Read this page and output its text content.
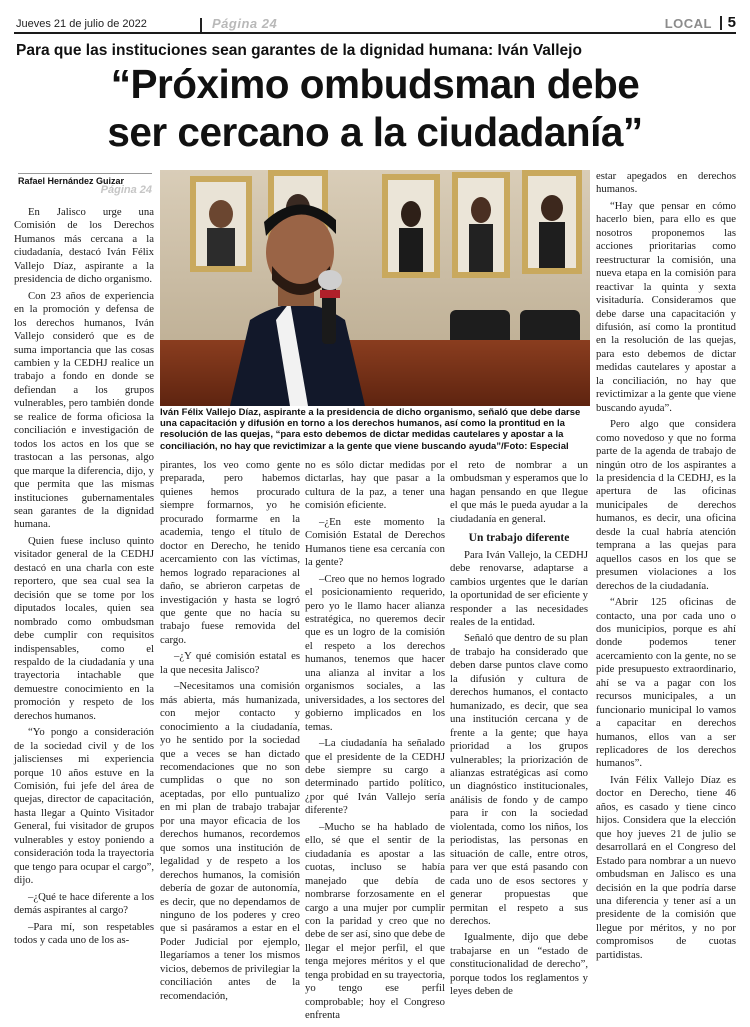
Jueves 21 de julio de 2022	Página 24	LOCAL 5
Para que las instituciones sean garantes de la dignidad humana: Iván Vallejo
“Próximo ombudsman debe
ser cercano a la ciudadanía”
Rafael Hernández Guizar
Página 24

En Jalisco urge una Comisión de los Derechos Humanos más cercana a la ciudadanía, destacó Iván Félix Vallejo Díaz, aspirante a la presidencia de dicho organismo.

Con 23 años de experiencia en la promoción y defensa de los derechos humanos, Iván Vallejo consideró que es de suma importancia que las cosas cambien y la CEDHJ realice un trabajo a fondo en donde se defiendan a los grupos vulnerables, pero también donde se realice de forma oficiosa la conciliación e investigación de todos los actos en los que se trastocan a las personas, algo que marque la diferencia, dijo, y que permita que las mismas instituciones gubernamentales sean garantes de la dignidad humana.

Quien fuese incluso quinto visitador general de la CEDHJ destacó en una charla con este reportero, que sea cual sea la decisión que se tome por los diputados locales, quien sea nombrado como ombudsman debe cumplir con requisitos indispensables, como el respaldo de la ciudadanía y una trayectoria intachable que demuestre conocimiento en la promoción y respeto de los derechos humanos.

“Yo pongo a consideración de la sociedad civil y de los jaliscienses mi experiencia porque 10 años estuve en la Comisión, fui jefe del área de quejas, director de capacitación, hasta llegar a Quinto Visitador General, fui visitador de grupos vulnerables y estoy poniendo a consideración toda la trayectoria que tengo para ocupar el cargo”, dijo.

–¿Qué te hace diferente a los demás aspirantes al cargo?

–Para mí, son respetables todos y cada uno de los as-

Iván Félix Vallejo Díaz, aspirante a la presidencia de dicho organismo, señaló que debe darse una capacitación y difusión en torno a los derechos humanos, así como la prontitud en la resolución de las quejas, “para esto debemos de dictar medidas cautelares y apostar a la conciliación, no hay que revictimizar a la gente que viene buscando ayuda”/Foto: Especial

pirantes, los veo como gente preparada, pero habemos quienes hemos procurado siempre formarnos, yo he procurado formarme en la academia, tengo el título de doctor en Derecho, he tenido acercamiento con las víctimas, hemos logrado reparaciones al daño, se abrieron carpetas de investigación y hasta se logró que gente que no hacía su trabajo fuese removida del cargo.

–¿Y qué comisión estatal es la que necesita Jalisco?

–Necesitamos una comisión más abierta, más humanizada, con mejor contacto y conocimiento a la ciudadanía, yo he sentido por la sociedad que a veces se han dictado recomendaciones que no son cumplidas o que no son aceptadas, por ello puntualizo en mi plan de trabajo trabajar por una mayor eficacia de los derechos humanos, recordemos que somos una institución de legalidad y de respeto a los derechos humanos, la comisión debería de gozar de autonomía, es decir, que no dependamos de ninguno de los poderes y creo que si pasáramos a estar en el Poder Judicial por ejemplo, llegaríamos a tener los mismos vicios, debemos de privilegiar la conciliación antes de la recomendación,

no es sólo dictar medidas por dictarlas, hay que pasar a la cultura de la paz, a tener una comisión eficiente.

–¿En este momento la Comisión Estatal de Derechos Humanos tiene esa cercanía con la gente?

–Creo que no hemos logrado el posicionamiento requerido, pero yo le llamo hacer alianza estratégica, no queremos decir que es un logro de la comisión el respeto a los derechos humanos, tenemos que hacer una alianza al invitar a los organismos sociales, a las universidades, a los sectores del gobierno implicados en los temas.

–La ciudadanía ha señalado que el presidente de la CEDHJ debe siempre su cargo a determinado partido político, ¿por qué Iván Vallejo sería diferente?

–Mucho se ha hablado de ello, sé que el sentir de la ciudadanía es apostar a las cuotas, incluso se había manejado que debía de nombrarse forzosamente en el cargo a una mujer por cumplir con la paridad y creo que no debe de ser así, sino que debe de llegar el mejor perfil, el que tenga mejores méritos y el que tenga probidad en su trayectoria, yo tengo ese perfil comprobable; hoy el Congreso enfrenta

el reto de nombrar a un ombudsman y esperamos que lo hagan pensando en que llegue el que más le pueda ayudar a la ciudadanía en general.

Un trabajo diferente

Para Iván Vallejo, la CEDHJ debe renovarse, adaptarse a cambios urgentes que le darían la oportunidad de ser eficiente y responder a las necesidades reales de la entidad.

Señaló que dentro de su plan de trabajo ha considerado que deben darse puntos clave como la difusión y cultura de derechos humanos, el contacto humanizado, es decir, que sea una institución cercana y de frente a la gente; que haya prioridad a los grupos vulnerables; la priorización de alianzas estratégicas así como un diagnóstico institucionales, análisis de fondo y de campo para ir con la sociedad violentada, como los niños, los periodistas, las personas en situación de calle, entre otros, para ver que está pasando con cada uno de esos sectores y generar propuestas que permitan el respeto a sus derechos.

Igualmente, dijo que debe trabajarse en un “estado de constitucionalidad de derecho”, porque todos los reglamentos y leyes deben de

estar apegados en derechos humanos.

“Hay que pensar en cómo hacerlo bien, para ello es que nosotros proponemos las acciones prioritarias como reestructurar la comisión, una nueva etapa en la comisión para reactivar la quinta y sexta visitaduría. Consideramos que debe darse una capacitación y difusión, así como la prontitud en la resolución de las quejas, para esto debemos de dictar medidas cautelares y apostar a la conciliación, no hay que revictimizar a la gente que viene buscando ayuda”.

Pero algo que considera como novedoso y que no forma parte de la agenda de trabajo de ningún otro de los aspirantes a la presidencia d la CEDHJ, es la apertura de las oficinas municipales de derechos humanos, es decir, una oficina desde la cual habría atención temprana a las quejas para aquellos casos en los que se presumen violaciones a los derechos de la ciudadanía.

“Abrir 125 oficinas de contacto, una por cada uno o dos municipios, porque es ahí donde podemos tener acercamiento con la gente, no se pide presupuesto extraordinario, ahí se va a pagar con los recursos municipales, a un funcionario municipal lo vamos a capacitar en derechos humanos, ellos van a ser replicadores de los derechos humanos”.

Iván Félix Vallejo Díaz es doctor en Derecho, tiene 46 años, es casado y tiene cinco hijos. Considera que la elección que hoy jueves 21 de julio se desarrollará en el Congreso del Estado para nombrar a un nuevo ombudsman en Jalisco es una decisión en la que podría darse una diferencia y tener así a un presidente de la comisión que llegue por méritos, y no por compromisos de cuotas partidistas.
